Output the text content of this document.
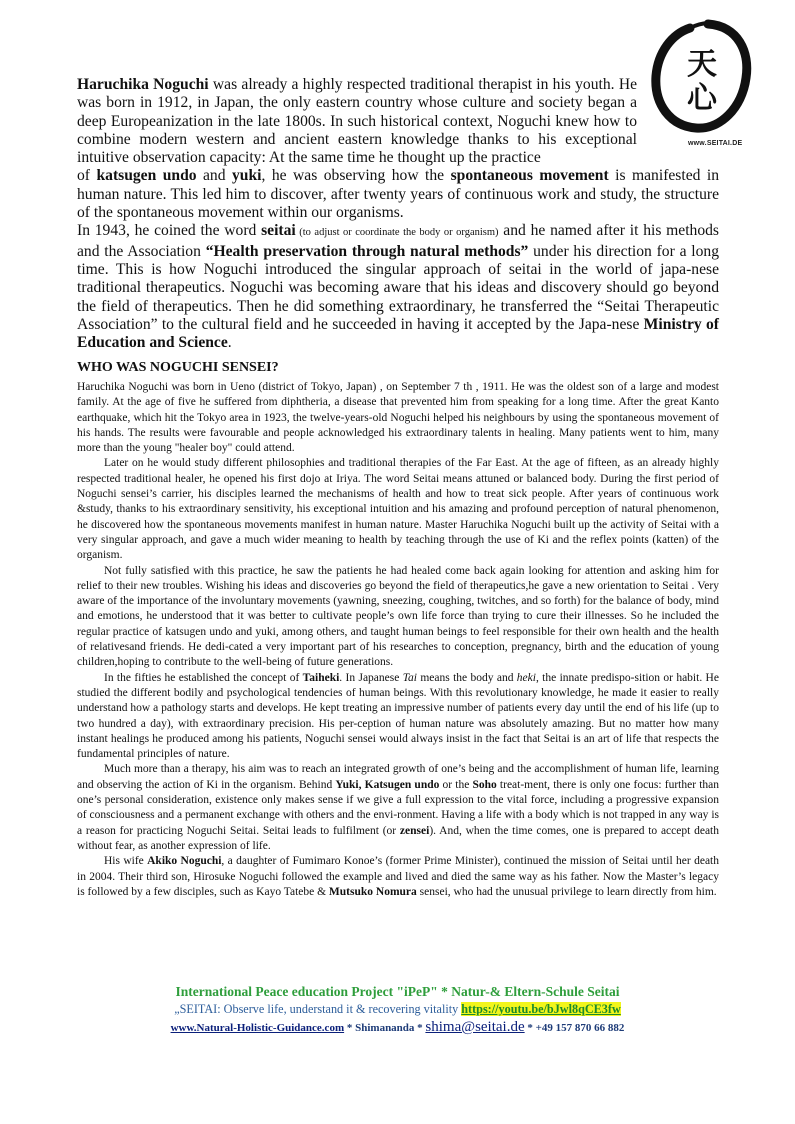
天
心
www.SEITAI.DE

Haruchika Noguchi was already a highly respected traditional therapist in his youth. He was born in 1912, in Japan, the only eastern country whose culture and society began a deep Europeanization in the late 1800s. In such historical context, Noguchi knew how to combine modern western and ancient eastern knowledge thanks to his exceptional intuitive observation capacity: At the same time he thought up the practice

of katsugen undo and yuki, he was observing how the spontaneous movement is manifested in human nature. This led him to discover, after twenty years of continuous work and study, the structure of the spontaneous movement within our organisms.

In 1943, he coined the word seitai (to adjust or coordinate the body or organism) and he named after it his methods and the Association “Health preservation through natural methods” under his direction for a long time. This is how Noguchi introduced the singular approach of seitai in the world of japa-nese traditional therapeutics. Noguchi was becoming aware that his ideas and discovery should go beyond the field of therapeutics. Then he did something extraordinary, he transferred the “Seitai Therapeutic Association” to the cultural field and he succeeded in having it accepted by the Japa-nese Ministry of Education and Science.

WHO WAS NOGUCHI SENSEI?

Haruchika Noguchi was born in Ueno (district of Tokyo, Japan) , on September 7 th , 1911. He was the oldest son of a large and modest family. At the age of five he suffered from diphtheria, a disease that prevented him from speaking for a long time. After the great Kanto earthquake, which hit the Tokyo area in 1923, the twelve-years-old Noguchi helped his neighbours by using the spontaneous movement of his hands. The results were favourable and people acknowledged his extraordinary talents in healing. Many patients went to him, many more than the young "healer boy" could attend.

Later on he would study different philosophies and traditional therapies of the Far East. At the age of fifteen, as an already highly respected traditional healer, he opened his first dojo at Iriya. The word Seitai means attuned or balanced body. During the first period of Noguchi sensei’s carrier, his disciples learned the mechanisms of health and how to treat sick people. After years of continuous work &study, thanks to his extraordinary sensitivity, his exceptional intuition and his amazing and profound perception of natural phenomenon, he discovered how the spontaneous movements manifest in human nature. Master Haruchika Noguchi built up the activity of Seitai with a very singular approach, and gave a much wider meaning to health by teaching through the use of Ki and the reflex points (katten) of the organism.

Not fully satisfied with this practice, he saw the patients he had healed come back again looking for attention and asking him for relief to their new troubles. Wishing his ideas and discoveries go beyond the field of therapeutics,he gave a new orientation to Seitai . Very aware of the importance of the involuntary movements (yawning, sneezing, coughing, twitches, and so forth) for the balance of body, mind and emotions, he understood that it was better to cultivate people’s own life force than trying to cure their illnesses. So he included the regular practice of katsugen undo and yuki, among others, and taught human beings to feel responsible for their own health and the health of relativesand friends. He dedi-cated a very important part of his researches to conception, pregnancy, birth and the education of young children,hoping to contribute to the well-being of future generations.

In the fifties he established the concept of Taiheki. In Japanese Tai means the body and heki, the innate predispo-sition or habit. He studied the different bodily and psychological tendencies of human beings. With this revolutionary knowledge, he made it easier to really understand how a pathology starts and develops. He kept treating an impressive number of patients every day until the end of his life (up to two hundred a day), with extraordinary precision. His per-ception of human nature was absolutely amazing. But no matter how many instant healings he produced among his patients, Noguchi sensei would always insist in the fact that Seitai is an art of life that respects the fundamental principles of nature.

Much more than a therapy, his aim was to reach an integrated growth of one’s being and the accomplishment of human life, learning and observing the action of Ki in the organism. Behind Yuki, Katsugen undo or the Soho treat-ment, there is only one focus: further than one’s personal consideration, existence only makes sense if we give a full expression to the vital force, including a progressive expansion of consciousness and a permanent exchange with others and the envi-ronment. Having a life with a body which is not trapped in any way is a reason for practicing Noguchi Seitai. Seitai leads to fulfilment (or zensei). And, when the time comes, one is prepared to accept death without fear, as another expression of life.

His wife Akiko Noguchi, a daughter of Fumimaro Konoe’s (former Prime Minister), continued the mission of Seitai until her death in 2004. Their third son, Hirosuke Noguchi followed the example and lived and died the same way as his father. Now the Master’s legacy is followed by a few disciples, such as Kayo Tatebe & Mutsuko Nomura sensei, who had the unusual privilege to learn directly from him.

International Peace education Project "iPeP" * Natur-& Eltern-Schule Seitai
„SEITAI: Observe life, understand it & recovering vitality https://youtu.be/bJwl8qCE3fw
www.Natural-Holistic-Guidance.com * Shimananda * shima@seitai.de * +49 157 870 66 882
